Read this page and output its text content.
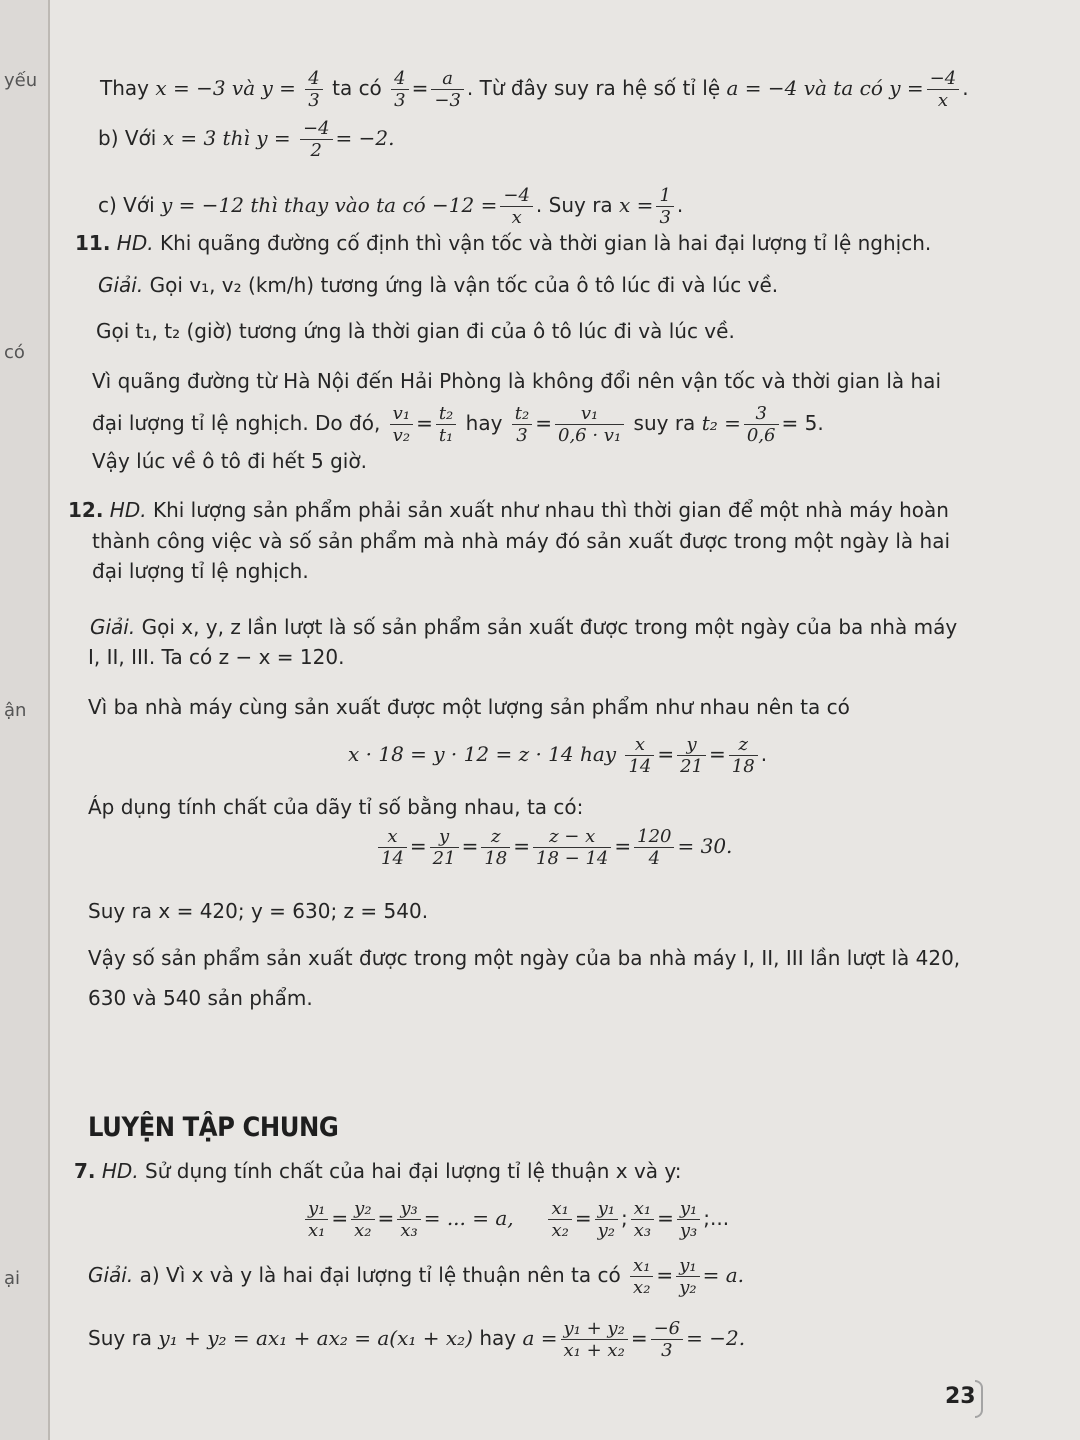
yếu
có
ận
ại
Thay x = −3 và $y = \frac{4}{3}$ ta có $\frac{4}{3} = \frac{a}{-3}$ . Từ đây suy ra hệ số tỉ lệ a = −4 và ta có $y = \frac{-4}{x}$ .
b) Với x = 3 thì $y = \frac{-4}{2} = -2$.
c) Với y = −12 thì thay vào ta có $-12 = \frac{-4}{x}$ . Suy ra $x = \frac{1}{3}$ .
11. HD. Khi quãng đường cố định thì vận tốc và thời gian là hai đại lượng tỉ lệ nghịch.
Giải. Gọi v₁, v₂ (km/h) tương ứng là vận tốc của ô tô lúc đi và lúc về.
Gọi t₁, t₂ (giờ) tương ứng là thời gian đi của ô tô lúc đi và lúc về.
Vì quãng đường từ Hà Nội đến Hải Phòng là không đổi nên vận tốc và thời gian là hai
đại lượng tỉ lệ nghịch. Do đó, $\frac{\text{v₁}}{\text{v₂}} = \frac{\text{t₂}}{\text{t₁}}$ hay $\frac{\text{t₂}}{3} = \frac{\text{v₁}}{\text{0,6 · v₁}}$ suy ra $t_2 = \frac{3}{0,6} = 5$.
Vậy lúc về ô tô đi hết 5 giờ.
12. HD. Khi lượng sản phẩm phải sản xuất như nhau thì thời gian để một nhà máy hoàn
thành công việc và số sản phẩm mà nhà máy đó sản xuất được trong một ngày là hai
đại lượng tỉ lệ nghịch.
Giải. Gọi x, y, z lần lượt là số sản phẩm sản xuất được trong một ngày của ba nhà máy
I, II, III. Ta có z − x = 120.
Vì ba nhà máy cùng sản xuất được một lượng sản phẩm như nhau nên ta có
x · 18 = y · 12 = z · 14 hay $\frac{x}{14} = \frac{y}{21} = \frac{z}{18}$ .
Áp dụng tính chất của dãy tỉ số bằng nhau, ta có:
$\frac{x}{14} = \frac{y}{21} = \frac{z}{18} = \frac{z - x}{18 - 14} = \frac{120}{4} = 30$.
Suy ra x = 420; y = 630; z = 540.
Vậy số sản phẩm sản xuất được trong một ngày của ba nhà máy I, II, III lần lượt là 420,
630 và 540 sản phẩm.
LUYỆN TẬP CHUNG
7. HD. Sử dụng tính chất của hai đại lượng tỉ lệ thuận x và y:
$\frac{\text{y₁}}{\text{x₁}} = \frac{\text{y₂}}{\text{x₂}} = \frac{\text{y₃}}{\text{x₃}}$ = ... = a, $\frac{\text{x₁}}{\text{x₂}} = \frac{\text{y₁}}{\text{y₂}}$ ; $\frac{\text{x₁}}{\text{x₃}} = \frac{\text{y₁}}{\text{y₃}}$ ;...
Giải. a) Vì x và y là hai đại lượng tỉ lệ thuận nên ta có $\frac{\text{x₁}}{\text{x₂}} = \frac{\text{y₁}}{\text{y₂}} = a$.
Suy ra y₁ + y₂ = ax₁ + ax₂ = a(x₁ + x₂) hay $a = \frac{\text{y₁ + y₂}}{\text{x₁ + x₂}} = \frac{-6}{3} = -2$.
23
